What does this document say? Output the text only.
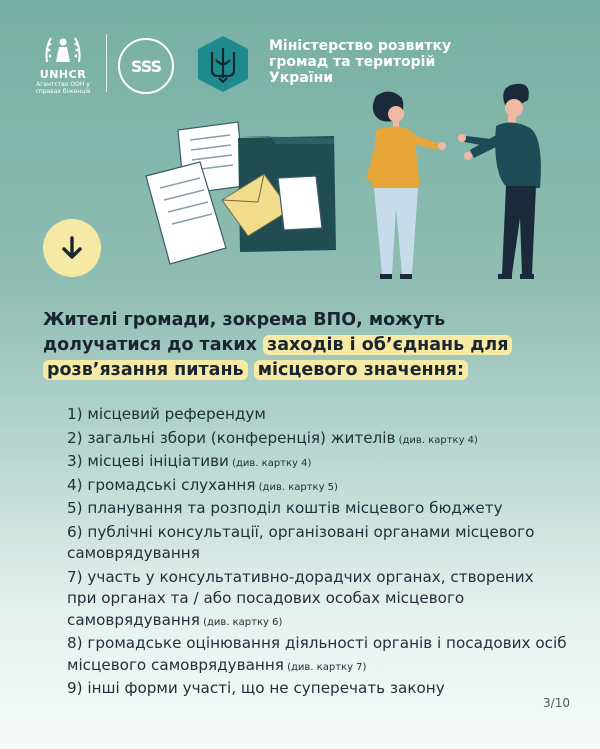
UNHCR
Агентство ООН у справах біженців
SSS
Міністерство розвитку громад та територій України
Жителі громади, зокрема ВПО, можуть долучатися до таких заходів і об’єднань для розв’язання питань місцевого значення:

1) місцевий референдум

2) загальні збори (конференція) жителів (див. картку 4)

3) місцеві ініціативи (див. картку 4)

4) громадські слухання (див. картку 5)

5) планування та розподіл коштів місцевого бюджету

6) публічні консультації, організовані органами місцевого самоврядування

7) участь у консультативно-дорадчих органах, створених при органах та / або посадових особах місцевого самоврядування (див. картку 6)

8) громадське оцінювання діяльності органів і посадових осіб місцевого самоврядування (див. картку 7)

9) інші форми участі, що не суперечать закону

3/10
